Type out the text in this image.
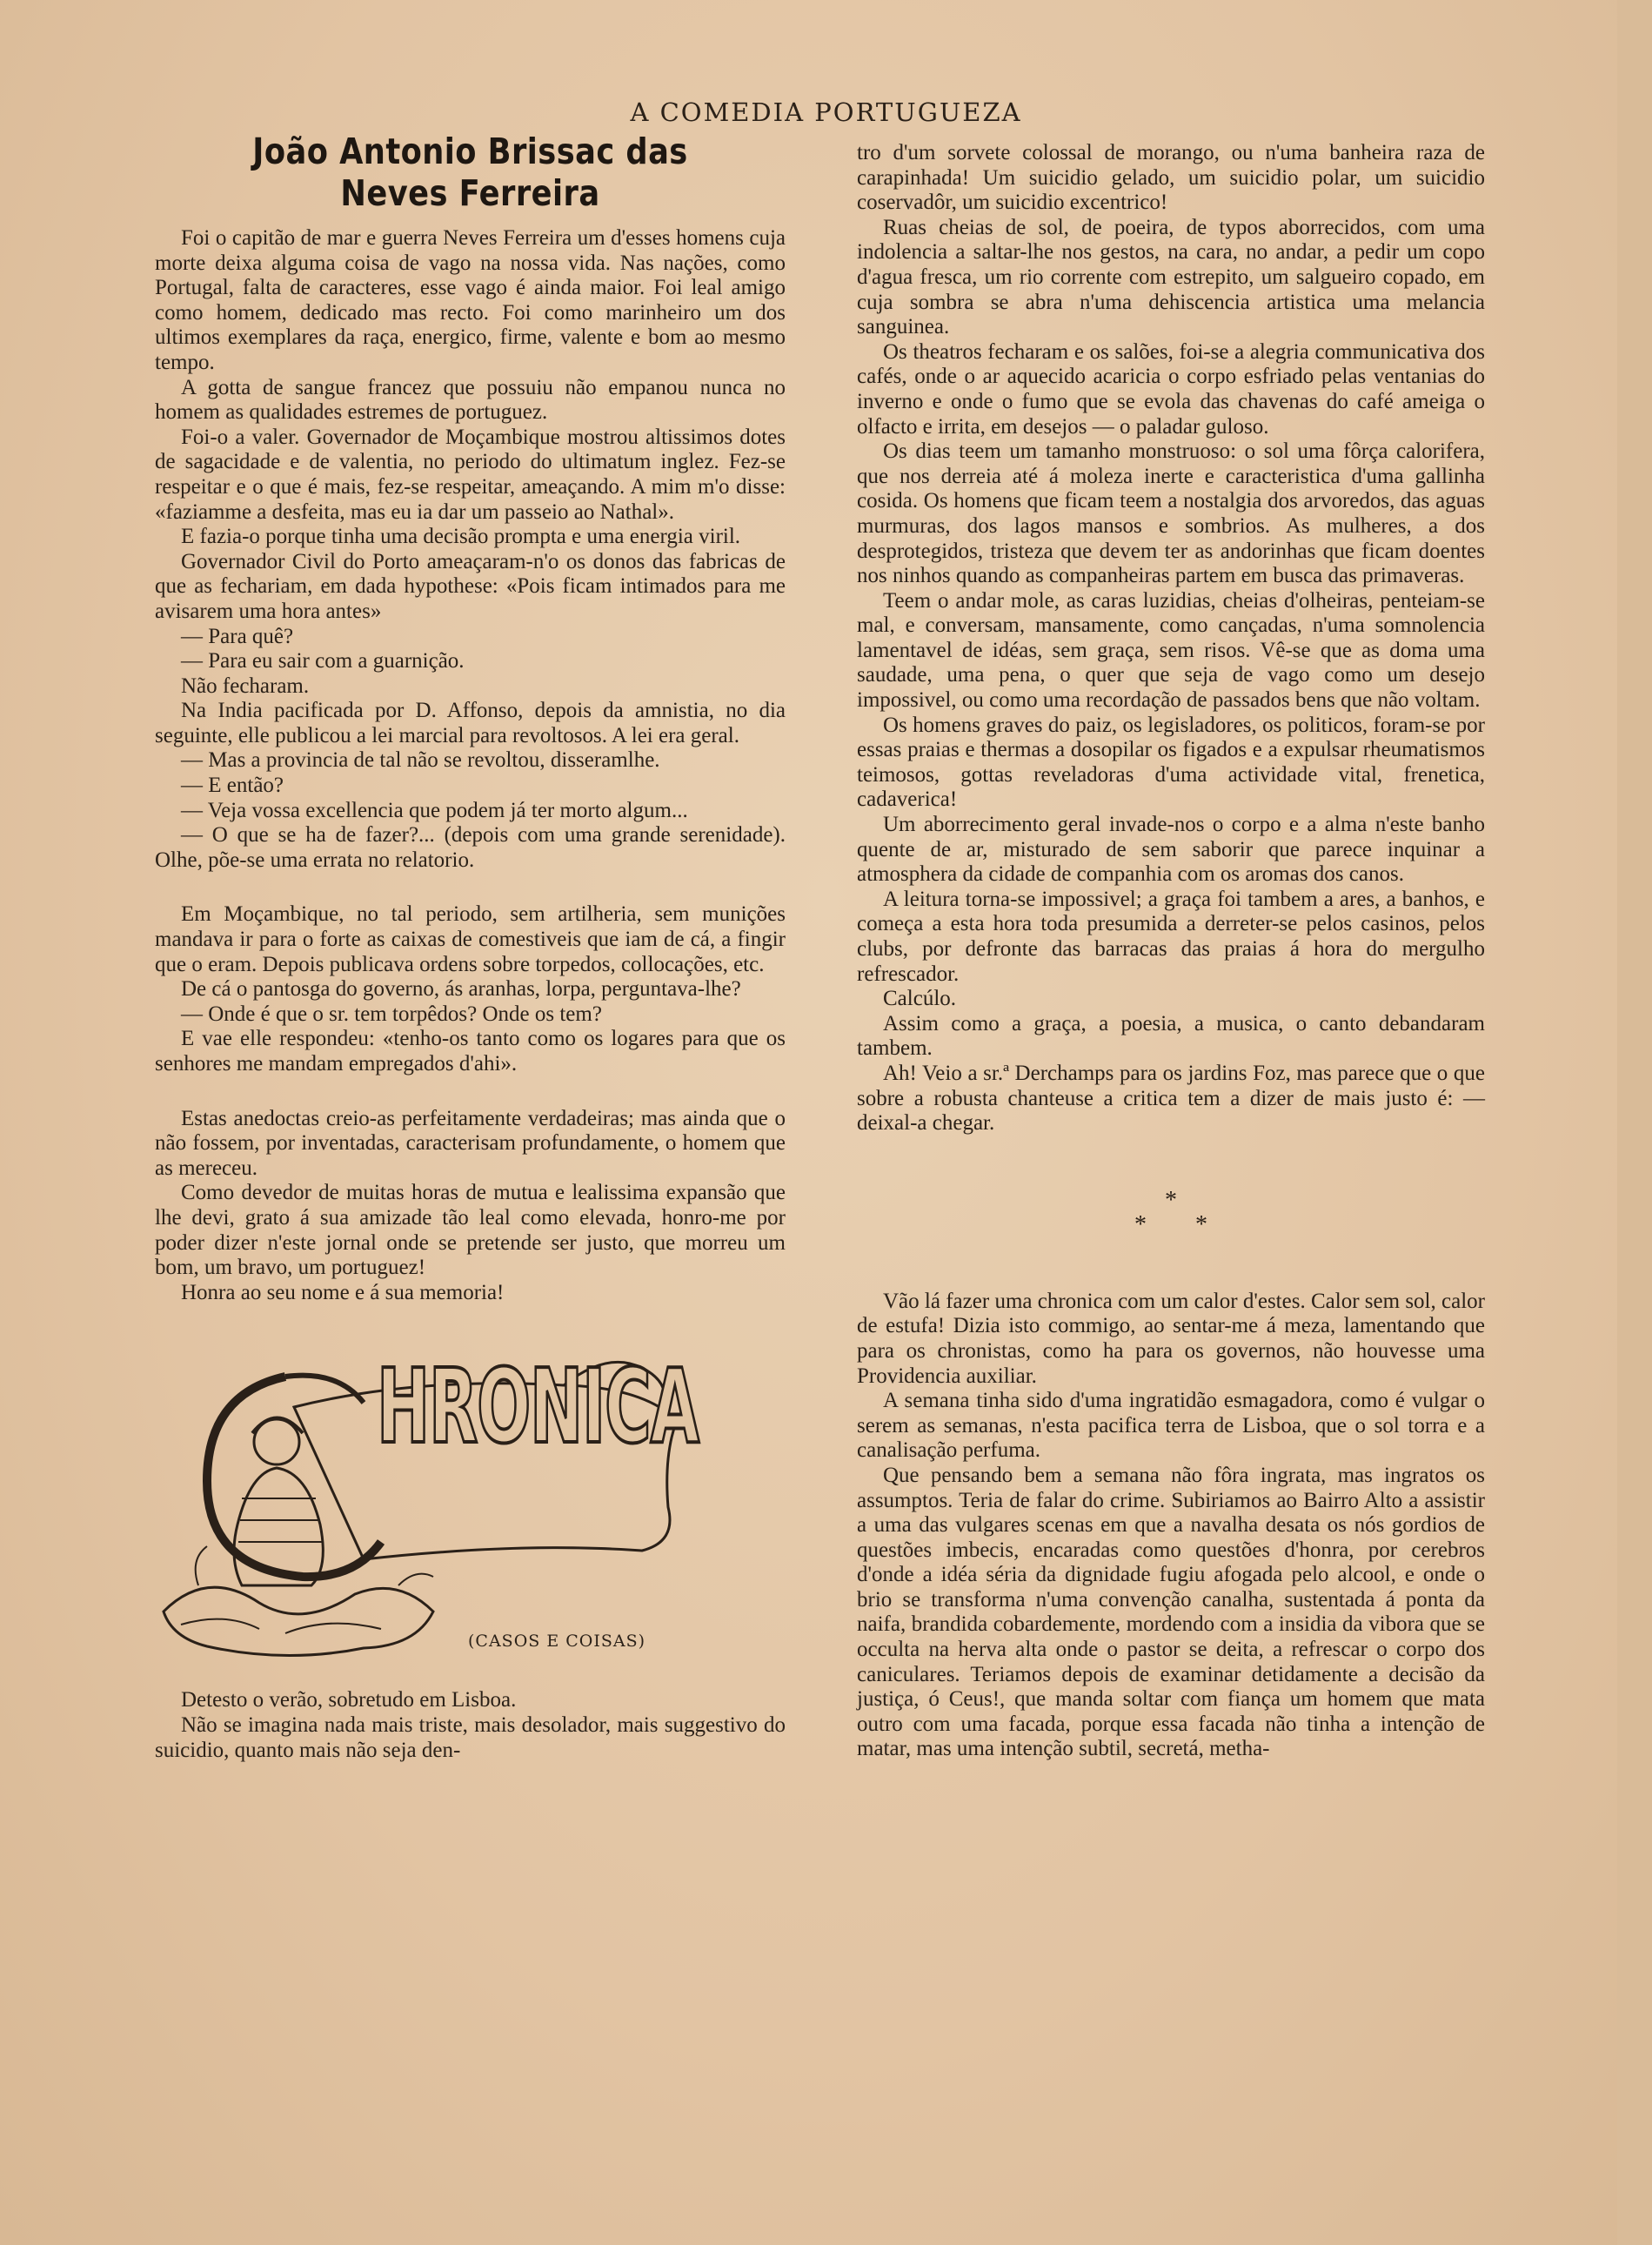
A COMEDIA PORTUGUEZA
João Antonio Brissac das Neves Ferreira

Foi o capitão de mar e guerra Neves Ferreira um d'esses homens cuja morte deixa alguma coisa de vago na nossa vida. Nas nações, como Portugal, falta de caracteres, esse vago é ainda maior. Foi leal amigo como homem, dedicado mas recto. Foi como marinheiro um dos ultimos exemplares da raça, energico, firme, valente e bom ao mesmo tempo.

A gotta de sangue francez que possuiu não empanou nunca no homem as qualidades estremes de portuguez.

Foi-o a valer. Governador de Moçambique mostrou altissimos dotes de sagacidade e de valentia, no periodo do ultimatum inglez. Fez-se respeitar e o que é mais, fez-se respeitar, ameaçando. A mim m'o disse: «faziamme a desfeita, mas eu ia dar um passeio ao Nathal».

E fazia-o porque tinha uma decisão prompta e uma energia viril.

Governador Civil do Porto ameaçaram-n'o os donos das fabricas de que as fechariam, em dada hypothese: «Pois ficam intimados para me avisarem uma hora antes»

— Para quê?

— Para eu sair com a guarnição.

Não fecharam.

Na India pacificada por D. Affonso, depois da amnistia, no dia seguinte, elle publicou a lei marcial para revoltosos. A lei era geral.

— Mas a provincia de tal não se revoltou, disseramlhe.

— E então?

— Veja vossa excellencia que podem já ter morto algum...

— O que se ha de fazer?... (depois com uma grande serenidade). Olhe, põe-se uma errata no relatorio.

Em Moçambique, no tal periodo, sem artilheria, sem munições mandava ir para o forte as caixas de comestiveis que iam de cá, a fingir que o eram. Depois publicava ordens sobre torpedos, collocações, etc.

De cá o pantosga do governo, ás aranhas, lorpa, perguntava-lhe?

— Onde é que o sr. tem torpêdos? Onde os tem?

E vae elle respondeu: «tenho-os tanto como os logares para que os senhores me mandam empregados d'ahi».

Estas anedoctas creio-as perfeitamente verdadeiras; mas ainda que o não fossem, por inventadas, caracterisam profundamente, o homem que as mereceu.

Como devedor de muitas horas de mutua e lealissima expansão que lhe devi, grato á sua amizade tão leal como elevada, honro-me por poder dizer n'este jornal onde se pretende ser justo, que morreu um bom, um bravo, um portuguez!

Honra ao seu nome e á sua memoria!

HRONICA
(CASOS E COISAS)

Detesto o verão, sobretudo em Lisboa.

Não se imagina nada mais triste, mais desolador, mais suggestivo do suicidio, quanto mais não seja den-

tro d'um sorvete colossal de morango, ou n'uma banheira raza de carapinhada! Um suicidio gelado, um suicidio polar, um suicidio coservadôr, um suicidio excentrico!

Ruas cheias de sol, de poeira, de typos aborrecidos, com uma indolencia a saltar-lhe nos gestos, na cara, no andar, a pedir um copo d'agua fresca, um rio corrente com estrepito, um salgueiro copado, em cuja sombra se abra n'uma dehiscencia artistica uma melancia sanguinea.

Os theatros fecharam e os salões, foi-se a alegria communicativa dos cafés, onde o ar aquecido acaricia o corpo esfriado pelas ventanias do inverno e onde o fumo que se evola das chavenas do café ameiga o olfacto e irrita, em desejos — o paladar guloso.

Os dias teem um tamanho monstruoso: o sol uma fôrça calorifera, que nos derreia até á moleza inerte e caracteristica d'uma gallinha cosida. Os homens que ficam teem a nostalgia dos arvoredos, das aguas murmuras, dos lagos mansos e sombrios. As mulheres, a dos desprotegidos, tristeza que devem ter as andorinhas que ficam doentes nos ninhos quando as companheiras partem em busca das primaveras.

Teem o andar mole, as caras luzidias, cheias d'olheiras, penteiam-se mal, e conversam, mansamente, como cançadas, n'uma somnolencia lamentavel de idéas, sem graça, sem risos. Vê-se que as doma uma saudade, uma pena, o quer que seja de vago como um desejo impossivel, ou como uma recordação de passados bens que não voltam.

Os homens graves do paiz, os legisladores, os politicos, foram-se por essas praias e thermas a dosopilar os figados e a expulsar rheumatismos teimosos, gottas reveladoras d'uma actividade vital, frenetica, cadaverica!

Um aborrecimento geral invade-nos o corpo e a alma n'este banho quente de ar, misturado de sem saborir que parece inquinar a atmosphera da cidade de companhia com os aromas dos canos.

A leitura torna-se impossivel; a graça foi tambem a ares, a banhos, e começa a esta hora toda presumida a derreter-se pelos casinos, pelos clubs, por defronte das barracas das praias á hora do mergulho refrescador.

Calcúlo.

Assim como a graça, a poesia, a musica, o canto debandaram tambem.

Ah! Veio a sr.ª Derchamps para os jardins Foz, mas parece que o que sobre a robusta chanteuse a critica tem a dizer de mais justo é: — deixal-a chegar.

*
* *

Vão lá fazer uma chronica com um calor d'estes. Calor sem sol, calor de estufa! Dizia isto commigo, ao sentar-me á meza, lamentando que para os chronistas, como ha para os governos, não houvesse uma Providencia auxiliar.

A semana tinha sido d'uma ingratidão esmagadora, como é vulgar o serem as semanas, n'esta pacifica terra de Lisboa, que o sol torra e a canalisação perfuma.

Que pensando bem a semana não fôra ingrata, mas ingratos os assumptos. Teria de falar do crime. Subiriamos ao Bairro Alto a assistir a uma das vulgares scenas em que a navalha desata os nós gordios de questões imbecis, encaradas como questões d'honra, por cerebros d'onde a idéa séria da dignidade fugiu afogada pelo alcool, e onde o brio se transforma n'uma convenção canalha, sustentada á ponta da naifa, brandida cobardemente, mordendo com a insidia da vibora que se occulta na herva alta onde o pastor se deita, a refrescar o corpo dos caniculares. Teriamos depois de examinar detidamente a decisão da justiça, ó Ceus!, que manda soltar com fiança um homem que mata outro com uma facada, porque essa facada não tinha a intenção de matar, mas uma intenção subtil, secretá, metha-
